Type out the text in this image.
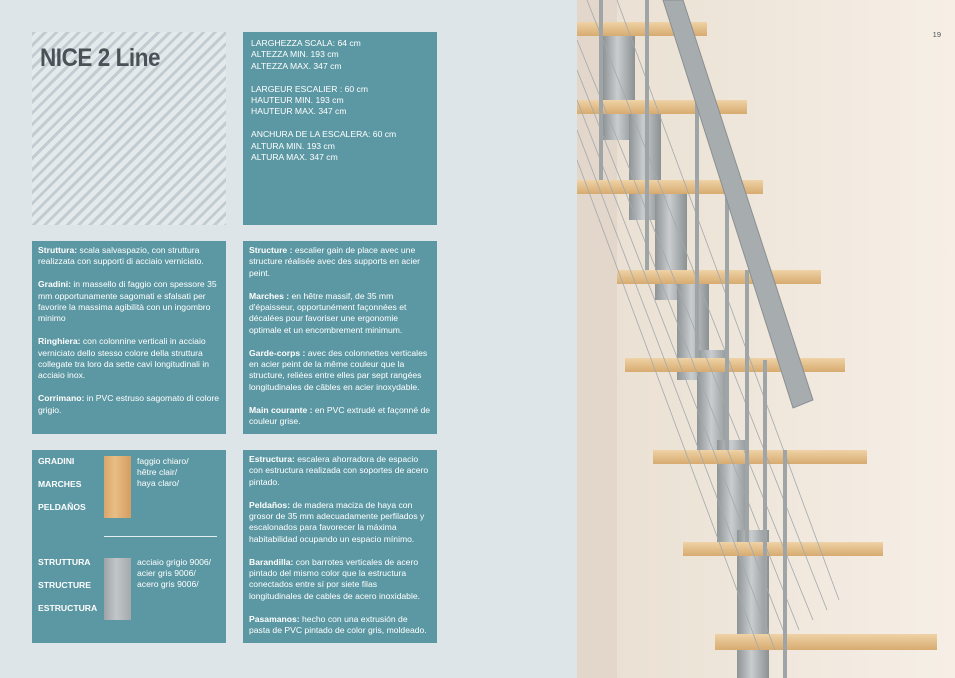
NICE 2 Line

LARGHEZZA SCALA: 64 cm
ALTEZZA MIN. 193 cm
ALTEZZA MAX. 347 cm

LARGEUR ESCALIER : 60 cm
HAUTEUR MIN. 193 cm
HAUTEUR MAX. 347 cm

ANCHURA DE LA ESCALERA: 60 cm
ALTURA MIN. 193 cm
ALTURA MAX. 347 cm

Struttura: scala salvaspazio, con struttura realizzata con supporti di acciaio verniciato.

Gradini: in massello di faggio con spessore 35 mm opportunamente sagomati e sfalsati per favorire la massima agibilità con un ingombro minimo

Ringhiera: con colonnine verticali in acciaio verniciato dello stesso colore della struttura collegate tra loro da sette cavi longitudinali in acciaio inox.

Corrimano: in PVC estruso sagomato di colore grigio.

Structure : escalier gain de place avec une structure réalisée avec des supports en acier peint.

Marches : en hêtre massif, de 35 mm d'épaisseur, opportunément façonnées et décalées pour favoriser une ergonomie optimale et un encombrement minimum.

Garde-corps : avec des colonnettes verticales en acier peint de la même couleur que la structure, reliées entre elles par sept rangées longitudinales de câbles en acier inoxydable.

Main courante : en PVC extrudé et façonné de couleur grise.

GRADINI
MARCHES
PELDAÑOS
faggio chiaro/
hêtre clair/
haya claro/
STRUTTURA
STRUCTURE
ESTRUCTURA
acciaio grigio 9006/
acier gris 9006/
acero gris 9006/

Estructura: escalera ahorradora de espacio con estructura realizada con soportes de acero pintado.

Peldaños: de madera maciza de haya con grosor de 35 mm adecuadamente perfilados y escalonados para favorecer la máxima habitabilidad ocupando un espacio mínimo.

Barandilla: con barrotes verticales de acero pintado del mismo color que la estructura conectados entre sí por siete filas longitudinales de cables de acero inoxidable.

Pasamanos: hecho con una extrusión de pasta de PVC pintado de color gris, moldeado.

19
